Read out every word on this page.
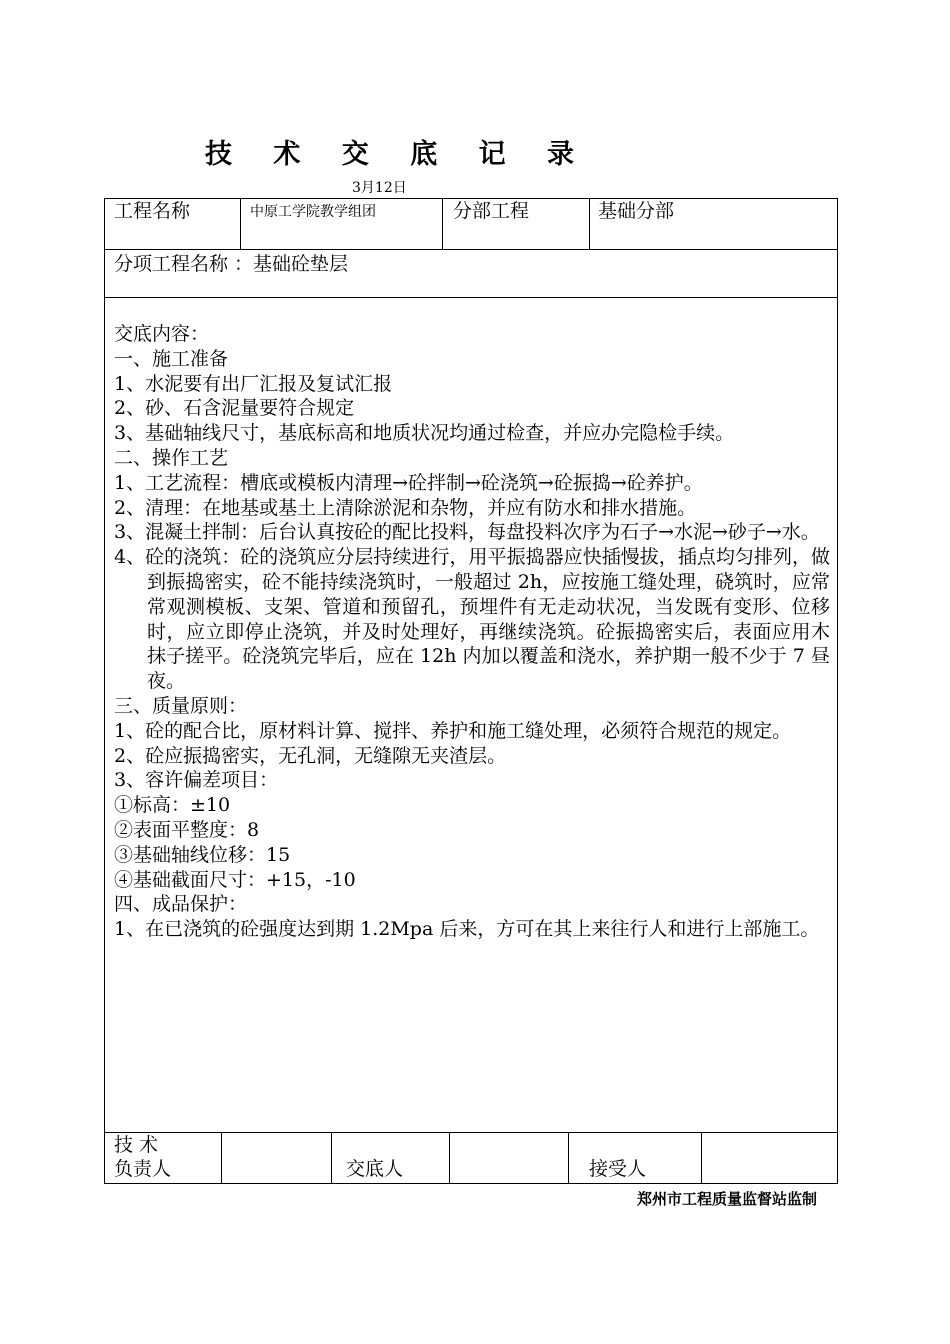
技 术 交 底 记 录
3月12日
工程名称	中原工学院教学组团	分部工程	基础分部
分项工程名称 ：基础砼垫层
交底内容：
一、施工准备
1、水泥要有出厂汇报及复试汇报
2、砂、石含泥量要符合规定
3、基础轴线尺寸，基底标高和地质状况均通过检查，并应办完隐检手续。
二、操作工艺
1、工艺流程：槽底或模板内清理→砼拌制→砼浇筑→砼振捣→砼养护。
2、清理：在地基或基土上清除淤泥和杂物，并应有防水和排水措施。
3、混凝土拌制：后台认真按砼的配比投料，每盘投料次序为石子→水泥→砂子→水。
4、砼的浇筑：砼的浇筑应分层持续进行，用平振捣器应快插慢拔，插点均匀排列，做到振捣密实，砼不能持续浇筑时，一般超过 2h，应按施工缝处理，硗筑时，应常常观测模板、支架、管道和预留孔，预埋件有无走动状况，当发既有变形、位移时，应立即停止浇筑，并及时处理好，再继续浇筑。砼振捣密实后，表面应用木抹子搓平。砼浇筑完毕后，应在 12h 内加以覆盖和浇水，养护期一般不少于 7 昼夜。
三、质量原则：
1、砼的配合比，原材料计算、搅拌、养护和施工缝处理，必须符合规范的规定。
2、砼应振捣密实，无孔洞，无缝隙无夹渣层。
3、容许偏差项目：
①标高：±10
②表面平整度：8
③基础轴线位移：15
④基础截面尺寸：+15，-10
四、成品保护：
1、在已浇筑的砼强度达到期 1.2Mpa 后来，方可在其上来往行人和进行上部施工。
技 术
负责人	交底人	接受人
郑州市工程质量监督站监制
